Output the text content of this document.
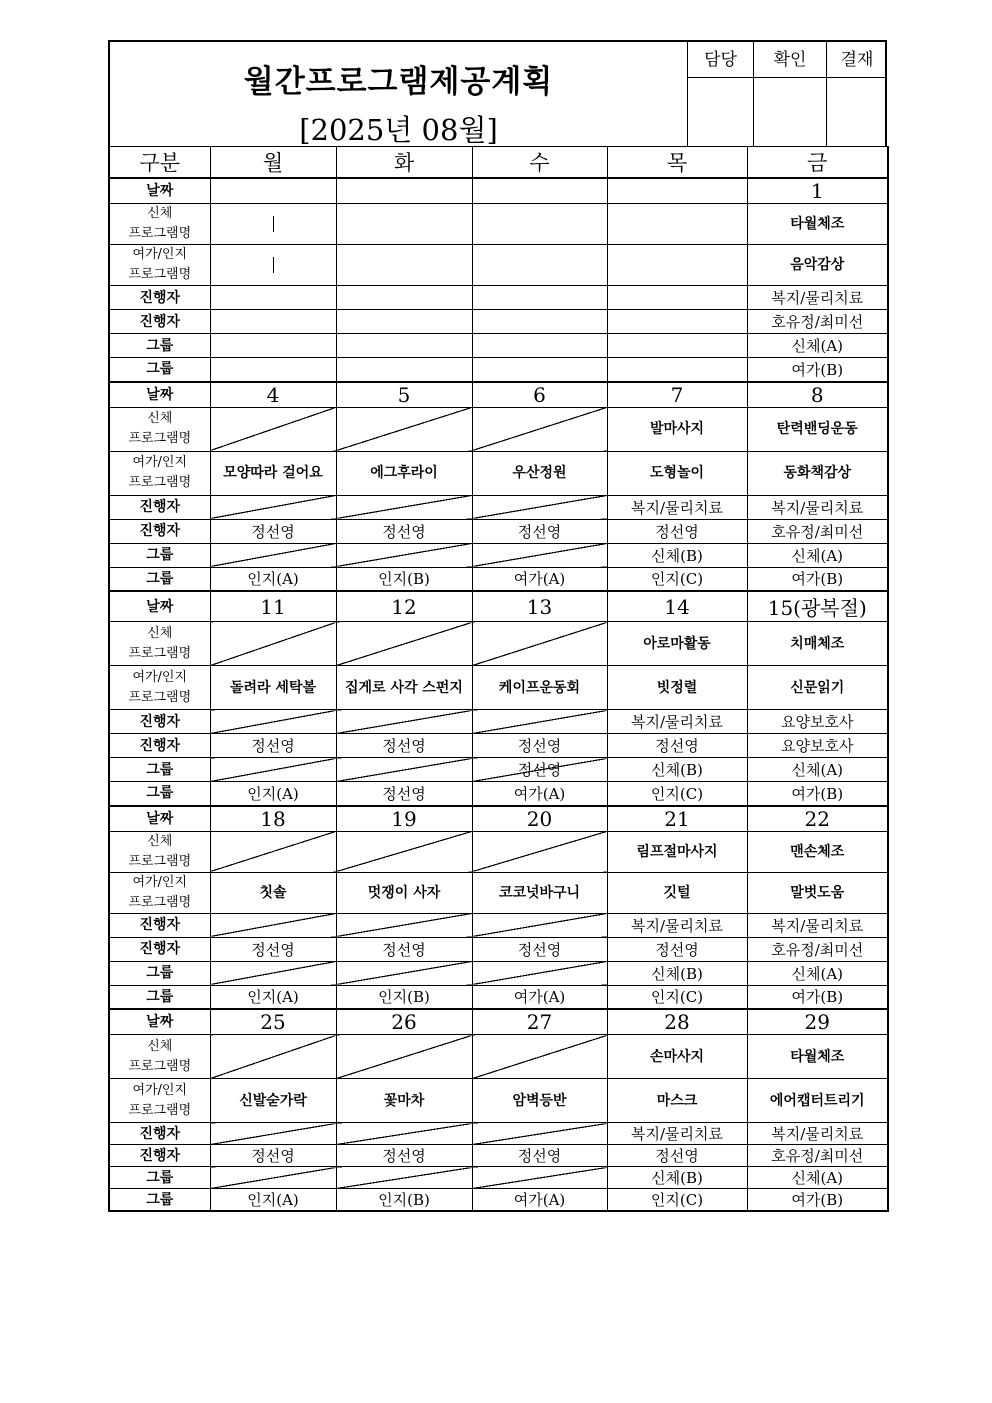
월간프로그램제공계획
[2025년 08월]
담당	확인	결재
구분	월	화	수	목	금

날짜					1

신체
프로그램명					타월체조

여가/인지
프로그램명					음악감상

진행자					복지/물리치료

진행자					호유정/최미선

그룹					신체(A)

그룹					여가(B)

날짜	4	5	6	7	8

신체
프로그램명				발마사지	탄력밴딩운동

여가/인지
프로그램명	모양따라 걸어요	에그후라이	우산정원	도형놀이	동화책감상

진행자				복지/물리치료	복지/물리치료

진행자	정선영	정선영	정선영	정선영	호유정/최미선

그룹				신체(B)	신체(A)

그룹	인지(A)	인지(B)	여가(A)	인지(C)	여가(B)

날짜	11	12	13	14	15(광복절)

신체
프로그램명				아로마활동	치매체조

여가/인지
프로그램명	돌려라 세탁볼	집게로 사각 스펀지	케이프운동회	빗정렬	신문읽기

진행자				복지/물리치료	요양보호사

진행자	정선영	정선영	정선영	정선영	요양보호사

그룹			정선영	신체(B)	신체(A)

그룹	인지(A)	정선영	여가(A)	인지(C)	여가(B)

날짜	18	19	20	21	22

신체
프로그램명				림프절마사지	맨손체조

여가/인지
프로그램명	칫솔	멋쟁이 사자	코코넛바구니	깃털	말벗도움

진행자				복지/물리치료	복지/물리치료

진행자	정선영	정선영	정선영	정선영	호유정/최미선

그룹				신체(B)	신체(A)

그룹	인지(A)	인지(B)	여가(A)	인지(C)	여가(B)

날짜	25	26	27	28	29

신체
프로그램명				손마사지	타월체조

여가/인지
프로그램명	신발숟가락	꽃마차	암벽등반	마스크	에어캡터트리기

진행자				복지/물리치료	복지/물리치료

진행자	정선영	정선영	정선영	정선영	호유정/최미선

그룹				신체(B)	신체(A)

그룹	인지(A)	인지(B)	여가(A)	인지(C)	여가(B)
